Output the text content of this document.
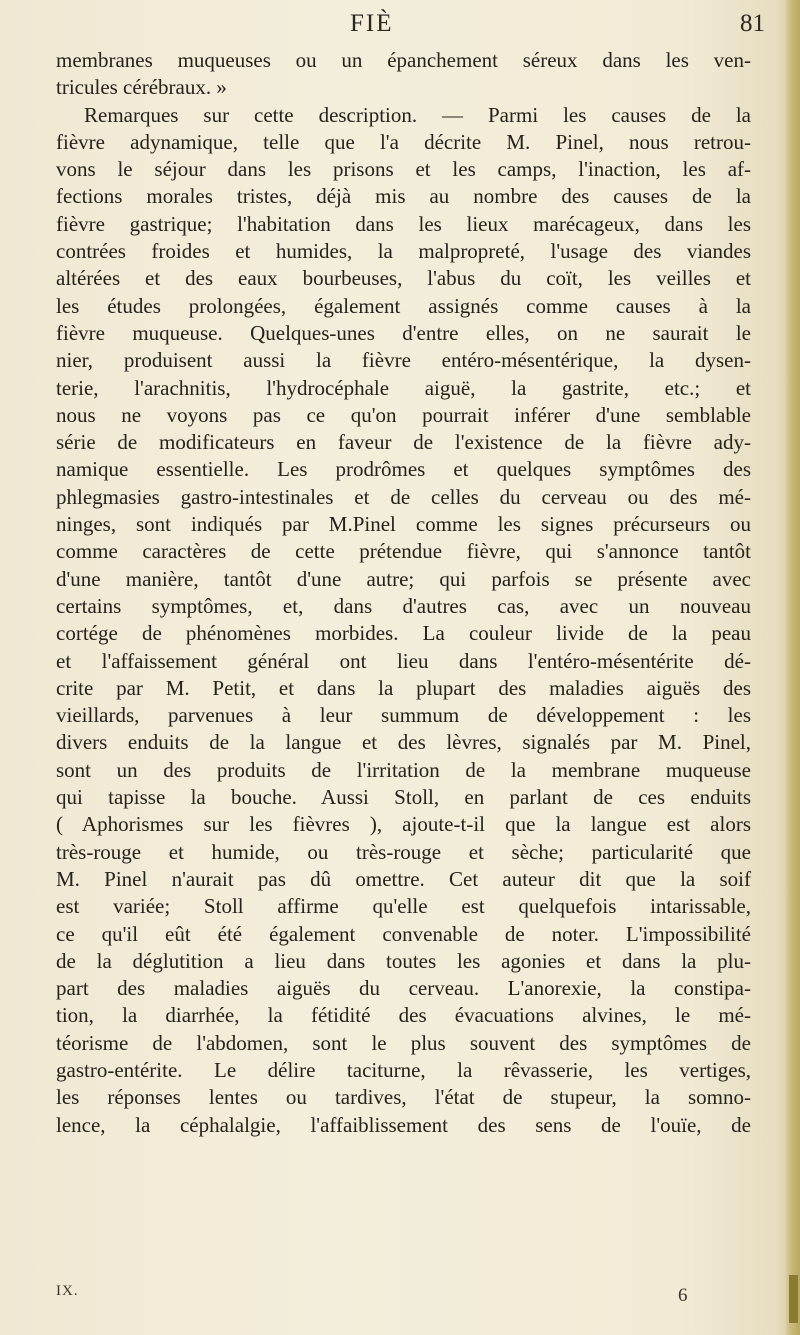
FIÈ	81
membranes muqueuses ou un épanchement séreux dans les ven-
tricules cérébraux. »
Remarques sur cette description. — Parmi les causes de la
fièvre adynamique, telle que l'a décrite M. Pinel, nous retrou-
vons le séjour dans les prisons et les camps, l'inaction, les af-
fections morales tristes, déjà mis au nombre des causes de la
fièvre gastrique; l'habitation dans les lieux marécageux, dans les
contrées froides et humides, la malpropreté, l'usage des viandes
altérées et des eaux bourbeuses, l'abus du coït, les veilles et
les études prolongées, également assignés comme causes à la
fièvre muqueuse. Quelques-unes d'entre elles, on ne saurait le
nier, produisent aussi la fièvre entéro-mésentérique, la dysen-
terie, l'arachnitis, l'hydrocéphale aiguë, la gastrite, etc.; et
nous ne voyons pas ce qu'on pourrait inférer d'une semblable
série de modificateurs en faveur de l'existence de la fièvre ady-
namique essentielle. Les prodrômes et quelques symptômes des
phlegmasies gastro-intestinales et de celles du cerveau ou des mé-
ninges, sont indiqués par M.Pinel comme les signes précurseurs ou
comme caractères de cette prétendue fièvre, qui s'annonce tantôt
d'une manière, tantôt d'une autre; qui parfois se présente avec
certains symptômes, et, dans d'autres cas, avec un nouveau
cortége de phénomènes morbides. La couleur livide de la peau
et l'affaissement général ont lieu dans l'entéro-mésentérite dé-
crite par M. Petit, et dans la plupart des maladies aiguës des
vieillards, parvenues à leur summum de développement : les
divers enduits de la langue et des lèvres, signalés par M. Pinel,
sont un des produits de l'irritation de la membrane muqueuse
qui tapisse la bouche. Aussi Stoll, en parlant de ces enduits
( Aphorismes sur les fièvres ), ajoute-t-il que la langue est alors
très-rouge et humide, ou très-rouge et sèche; particularité que
M. Pinel n'aurait pas dû omettre. Cet auteur dit que la soif
est variée; Stoll affirme qu'elle est quelquefois intarissable,
ce qu'il eût été également convenable de noter. L'impossibilité
de la déglutition a lieu dans toutes les agonies et dans la plu-
part des maladies aiguës du cerveau. L'anorexie, la constipa-
tion, la diarrhée, la fétidité des évacuations alvines, le mé-
téorisme de l'abdomen, sont le plus souvent des symptômes de
gastro-entérite. Le délire taciturne, la rêvasserie, les vertiges,
les réponses lentes ou tardives, l'état de stupeur, la somno-
lence, la céphalalgie, l'affaiblissement des sens de l'ouïe, de
IX.	6
